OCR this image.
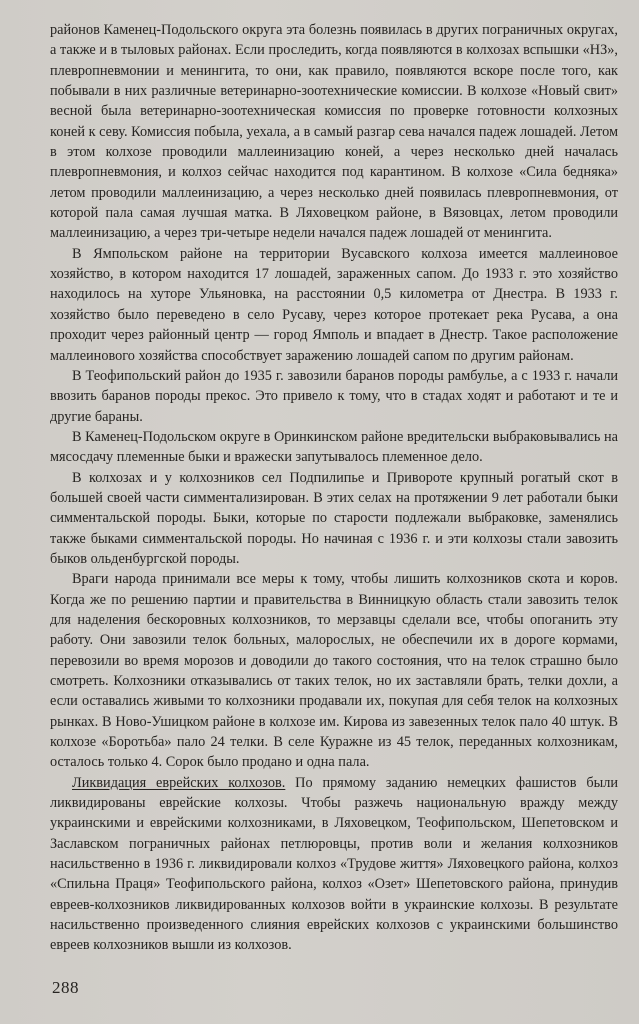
районов Каменец-Подольского округа эта болезнь появилась в других пограничных округах, а также и в тыловых районах. Если проследить, когда появляются в колхозах вспышки «НЗ», плевропневмонии и менингита, то они, как правило, появляются вскоре после того, как побывали в них различные ветеринарно-зоотехнические комиссии. В колхозе «Новый свит» весной была ветеринарно-зоотехническая комиссия по проверке готовности колхозных коней к севу. Комиссия побыла, уехала, а в самый разгар сева начался падеж лошадей. Летом в этом колхозе проводили маллеинизацию коней, а через несколько дней началась плевропневмония, и колхоз сейчас находится под карантином. В колхозе «Сила бедняка» летом проводили маллеинизацию, а через несколько дней появилась плевропневмония, от которой пала самая лучшая матка. В Ляховецком районе, в Вязовцах, летом проводили маллеинизацию, а через три-четыре недели начался падеж лошадей от менингита.

В Ямпольском районе на территории Вусавского колхоза имеется маллеиновое хозяйство, в котором находится 17 лошадей, зараженных сапом. До 1933 г. это хозяйство находилось на хуторе Ульяновка, на расстоянии 0,5 километра от Днестра. В 1933 г. хозяйство было переведено в село Русаву, через которое протекает река Русава, а она проходит через районный центр — город Ямполь и впадает в Днестр. Такое расположение маллеинового хозяйства способствует заражению лошадей сапом по другим районам.

В Теофипольский район до 1935 г. завозили баранов породы рамбулье, а с 1933 г. начали ввозить баранов породы прекос. Это привело к тому, что в стадах ходят и работают и те и другие бараны.

В Каменец-Подольском округе в Оринкинском районе вредительски выбраковывались на мясосдачу племенные быки и вражески запутывалось племенное дело.

В колхозах и у колхозников сел Подпилипье и Привороте крупный рогатый скот в большей своей части симментализирован. В этих селах на протяжении 9 лет работали быки симментальской породы. Быки, которые по старости подлежали выбраковке, заменялись также быками симментальской породы. Но начиная с 1936 г. и эти колхозы стали завозить быков ольденбургской породы.

Враги народа принимали все меры к тому, чтобы лишить колхозников скота и коров. Когда же по решению партии и правительства в Винницкую область стали завозить телок для наделения бескоровных колхозников, то мерзавцы сделали все, чтобы опоганить эту работу. Они завозили телок больных, малорослых, не обеспечили их в дороге кормами, перевозили во время морозов и доводили до такого состояния, что на телок страшно было смотреть. Колхозники отказывались от таких телок, но их заставляли брать, телки дохли, а если оставались живыми то колхозники продавали их, покупая для себя телок на колхозных рынках. В Ново-Ушицком районе в колхозе им. Кирова из завезенных телок пало 40 штук. В колхозе «Боротьба» пало 24 телки. В селе Куражне из 45 телок, переданных колхозникам, осталось только 4. Сорок было продано и одна пала.

Ликвидация еврейских колхозов. По прямому заданию немецких фашистов были ликвидированы еврейские колхозы. Чтобы разжечь национальную вражду между украинскими и еврейскими колхозниками, в Ляховецком, Теофипольском, Шепетовском и Заславском пограничных районах петлюровцы, против воли и желания колхозников насильственно в 1936 г. ликвидировали колхоз «Трудове життя» Ляховецкого района, колхоз «Спильна Праця» Теофипольского района, колхоз «Озет» Шепетовского района, принудив евреев-колхозников ликвидированных колхозов войти в украинские колхозы. В результате насильственно произведенного слияния еврейских колхозов с украинскими большинство евреев колхозников вышли из колхозов.

288
